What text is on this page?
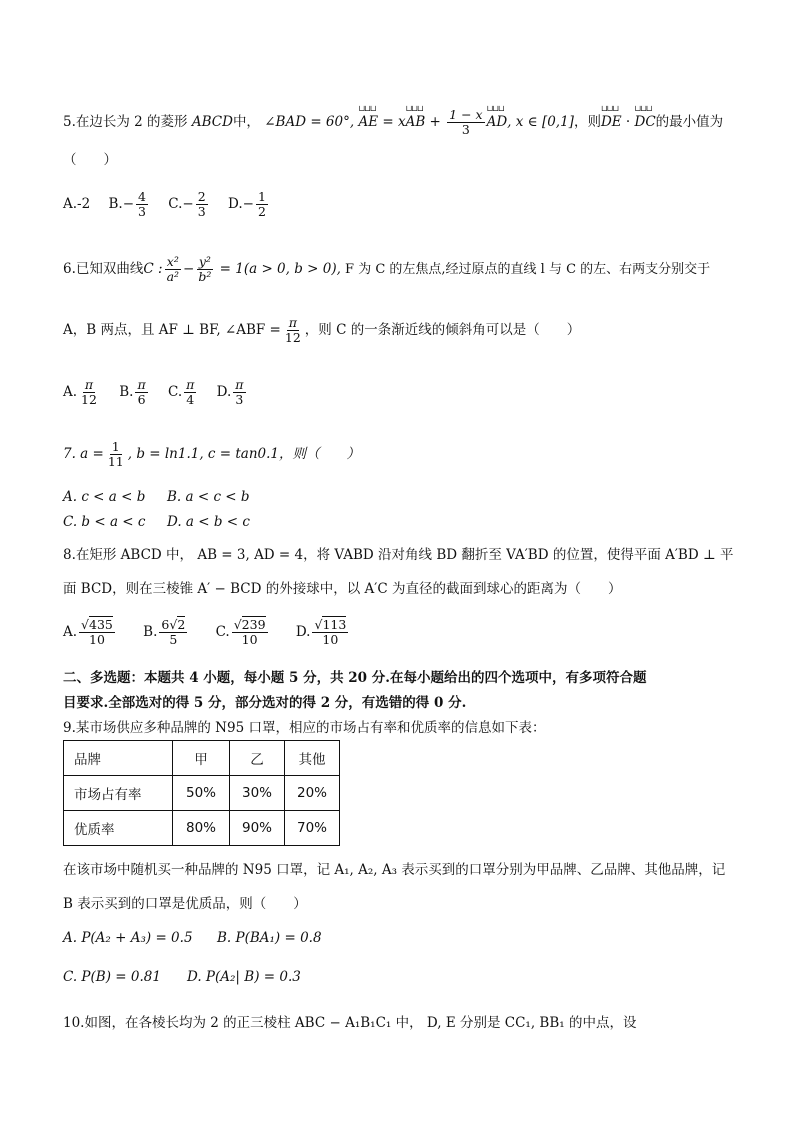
5.在边长为 2 的菱形 ABCD中， ∠BAD = 60°, ⊔⊔⊔ AE = x⊔⊔⊔ AB + $\frac{1 - x}{3}$ ⊔⊔⊔ AD, x ∈ [0,1]，则⊔⊔⊔ DE · ⊔⊔⊔ DC的最小值为
（　　）
A.-2 $B.- \frac{4}{3} C.- \frac{2}{3} D.- \frac{1}{2}$
6.已知双曲线C : $\frac{\text{x²}}{\text{a²}} - \frac{\text{y²}}{\text{b²}} = 1(a > 0$, b > 0), F 为 C 的左焦点,经过原点的直线 l 与 C 的左、右两支分别交于
A，B 两点，且 AF ⊥ BF, ∠ABF = $\frac{\pi}{12}$ ，则 C 的一条渐近线的倾斜角可以是（　　）
A. $\frac{\pi}{12} B$. $\frac{\pi}{6} C$. $\frac{\pi}{4} D$. $\frac{\pi}{3}$
7. $a = \frac{1}{11}$ , b = ln1.1, c = tan0.1，则（　　）
A. c < a < b B. a < c < b
C. b < a < c D. a < b < c
8.在矩形 ABCD 中， AB = 3, AD = 4，将 VABD 沿对角线 BD 翻折至 VA′BD 的位置，使得平面 A′BD ⊥ 平
面 BCD，则在三棱锥 A′ − BCD 的外接球中，以 A′C 为直径的截面到球心的距离为（　　）
A. $\frac{√435}{10} B$. $\frac{6√2}{5} C$. $\frac{√239}{10} D$. $\frac{√113}{10}$
二、多选题：本题共 4 小题，每小题 5 分，共 20 分.在每小题给出的四个选项中，有多项符合题
目要求.全部选对的得 5 分，部分选对的得 2 分，有选错的得 0 分.
9.某市场供应多种品牌的 N95 口罩，相应的市场占有率和优质率的信息如下表：
品牌	甲	乙	其他
市场占有率	50%	30%	20%
优质率	80%	90%	70%
在该市场中随机买一种品牌的 N95 口罩，记 A₁, A₂, A₃ 表示买到的口罩分别为甲品牌、乙品牌、其他品牌，记
B 表示买到的口罩是优质品，则（　　）
A. P(A₂ + A₃) = 0.5 B. P(BA₁) = 0.8
C. P(B) = 0.81 D. P(A₂| B) = 0.3
10.如图，在各棱长均为 2 的正三棱柱 ABC − A₁B₁C₁ 中， D, E 分别是 CC₁, BB₁ 的中点，设
